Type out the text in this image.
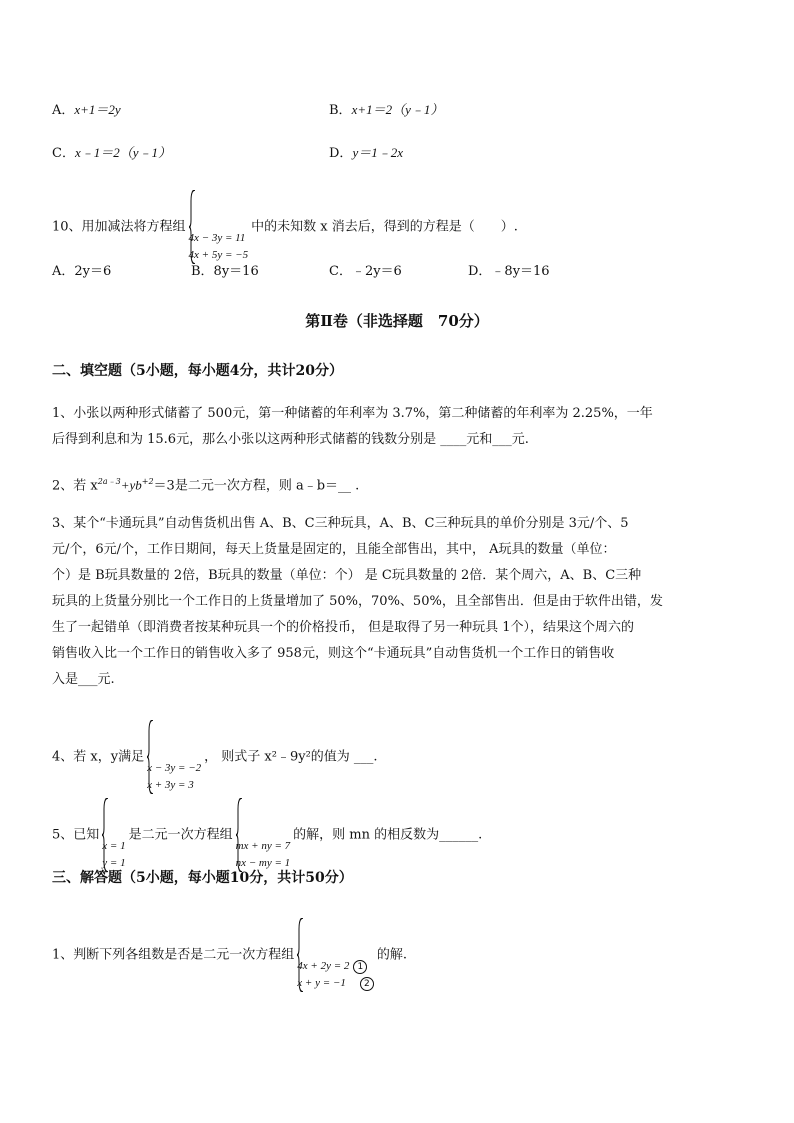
A．x+1＝2y	B．x+1＝2（y﹣1）
C．x﹣1＝2（y﹣1）	D．y＝1﹣2x
10、用加减法将方程组
4x − 3y = 11
4x + 5y = −5
中的未知数 x 消去后，得到的方程是（　　）.
A．2y＝6	B．8y＝16	C．﹣2y＝6	D．﹣8y＝16
第Ⅱ卷（非选择题　70分）
二、填空题（5小题，每小题4分，共计20分）
1、小张以两种形式储蓄了 500元，第一种储蓄的年利率为 3.7%，第二种储蓄的年利率为 2.25%，一年
后得到利息和为 15.6元，那么小张以这两种形式储蓄的钱数分别是 ____元和___元.
2、若 $x^{2a﹣3}+yb^{+2}=3$是二元一次方程，则 a﹣b＝__ .
3、某个“卡通玩具”自动售货机出售 A、B、C三种玩具，A、B、C三种玩具的单价分别是 3元/个、5
元/个，6元/个，工作日期间，每天上货量是固定的，且能全部售出，其中， A玩具的数量（单位：
个）是 B玩具数量的 2倍，B玩具的数量（单位：个） 是 C玩具数量的 2倍．某个周六，A、B、C三种
玩具的上货量分别比一个工作日的上货量增加了 50%，70%、50%，且全部售出．但是由于软件出错，发
生了一起错单（即消费者按某种玩具一个的价格投币， 但是取得了另一种玩具 1个），结果这个周六的
销售收入比一个工作日的销售收入多了 958元，则这个“卡通玩具”自动售货机一个工作日的销售收
入是___元.
4、若 x，y满足
x − 3y = −2
x + 3y = 3
， 则式子 x²﹣9y²的值为 ___.
5、已知
x = 1
y = 1
是二元一次方程组
mx + ny = 7
nx − my = 1
的解，则 mn 的相反数为______.
三、解答题（5小题，每小题10分，共计50分）
1、判断下列各组数是否是二元一次方程组
4x + 2y = 2 1
x + y = −1 2
的解.
